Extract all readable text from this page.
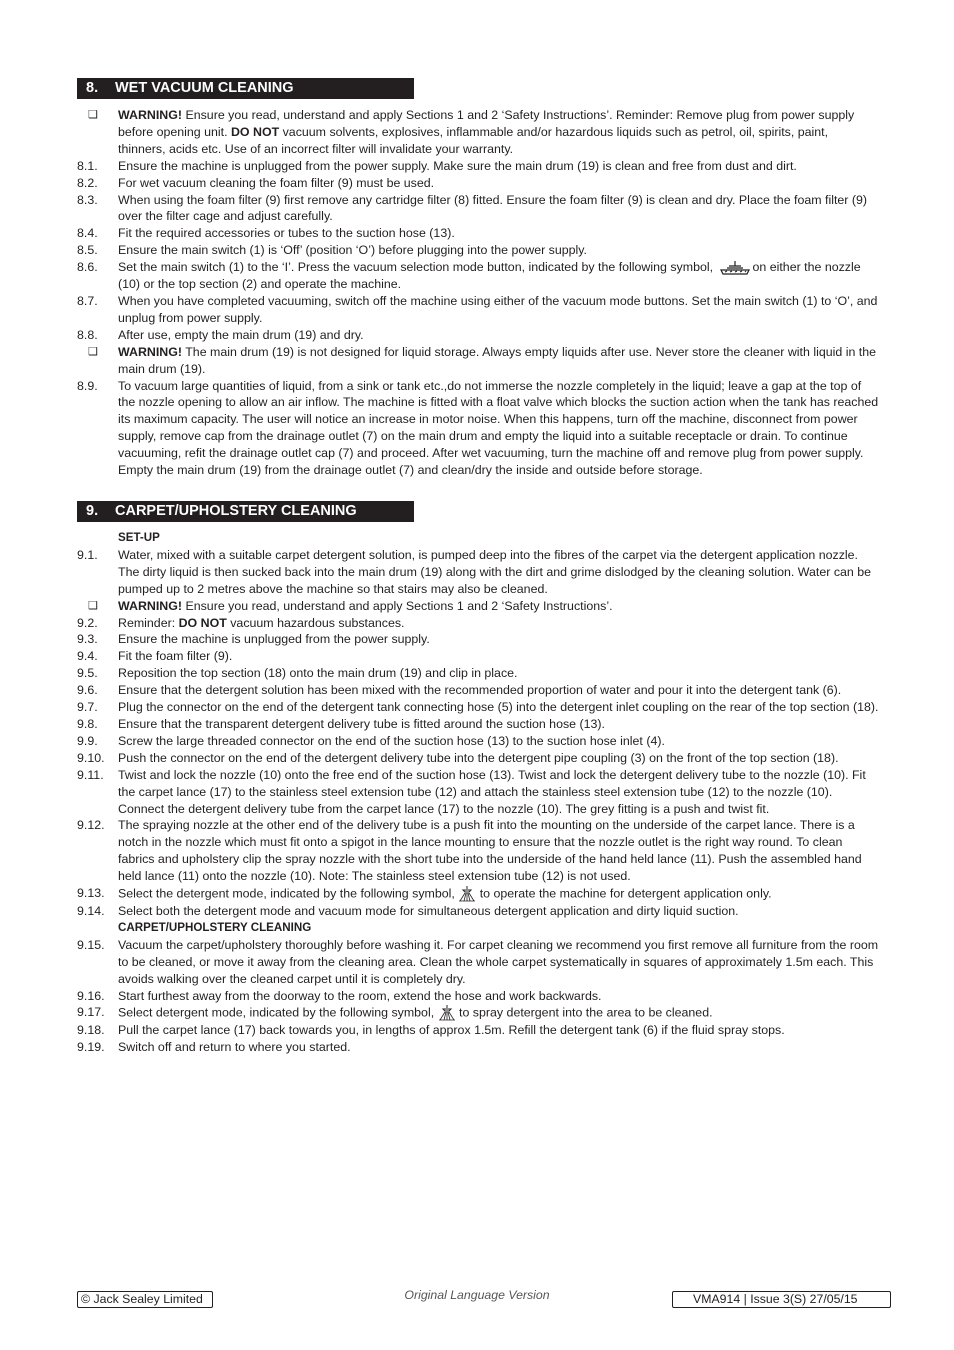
8. WET VACUUM CLEANING
❑	WARNING! Ensure you read, understand and apply Sections 1 and 2 ‘Safety Instructions’. Reminder: Remove plug from power supply before opening unit. DO NOT vacuum solvents, explosives, inflammable and/or hazardous liquids such as petrol, oil, spirits, paint, thinners, acids etc. Use of an incorrect filter will invalidate your warranty.
8.1.	Ensure the machine is unplugged from the power supply. Make sure the main drum (19) is clean and free from dust and dirt.
8.2.	For wet vacuum cleaning the foam filter (9) must be used.
8.3.	When using the foam filter (9) first remove any cartridge filter (8) fitted. Ensure the foam filter (9) is clean and dry. Place the foam filter (9) over the filter cage and adjust carefully.
8.4.	Fit the required accessories or tubes to the suction hose (13).
8.5.	Ensure the main switch (1) is ‘Off’ (position ‘O’) before plugging into the power supply.
8.6.	Set the main switch (1) to the ‘I’. Press the vacuum selection mode button, indicated by the following symbol,	on either the nozzle (10) or the top section (2) and operate the machine.
8.7.	When you have completed vacuuming, switch off the machine using either of the vacuum mode buttons. Set the main switch (1) to ‘O’, and unplug from power supply.
8.8.	After use, empty the main drum (19) and dry.
❑	WARNING! The main drum (19) is not designed for liquid storage. Always empty liquids after use. Never store the cleaner with liquid in the main drum (19).
8.9.	To vacuum large quantities of liquid, from a sink or tank etc.,do not immerse the nozzle completely in the liquid; leave a gap at the top of the nozzle opening to allow an air inflow. The machine is fitted with a float valve which blocks the suction action when the tank has reached its maximum capacity. The user will notice an increase in motor noise. When this happens, turn off the machine, disconnect from power supply, remove cap from the drainage outlet (7) on the main drum and empty the liquid into a suitable receptacle or drain. To continue vacuuming, refit the drainage outlet cap (7) and proceed. After wet vacuuming, turn the machine off and remove plug from power supply. Empty the main drum (19) from the drainage outlet (7) and clean/dry the inside and outside before storage.
9. CARPET/UPHOLSTERY CLEANING
SET-UP
9.1.	Water, mixed with a suitable carpet detergent solution, is pumped deep into the fibres of the carpet via the detergent application nozzle. The dirty liquid is then sucked back into the main drum (19) along with the dirt and grime dislodged by the cleaning solution. Water can be pumped up to 2 metres above the machine so that stairs may also be cleaned.
❑	WARNING! Ensure you read, understand and apply Sections 1 and 2 ‘Safety Instructions’.
9.2.	Reminder: DO NOT vacuum hazardous substances.
9.3.	Ensure the machine is unplugged from the power supply.
9.4.	Fit the foam filter (9).
9.5.	Reposition the top section (18) onto the main drum (19) and clip in place.
9.6.	Ensure that the detergent solution has been mixed with the recommended proportion of water and pour it into the detergent tank (6).
9.7.	Plug the connector on the end of the detergent tank connecting hose (5) into the detergent inlet coupling on the rear of the top section (18).
9.8.	Ensure that the transparent detergent delivery tube is fitted around the suction hose (13).
9.9.	Screw the large threaded connector on the end of the suction hose (13) to the suction hose inlet (4).
9.10.	Push the connector on the end of the detergent delivery tube into the detergent pipe coupling (3) on the front of the top section (18).
9.11.	Twist and lock the nozzle (10) onto the free end of the suction hose (13). Twist and lock the detergent delivery tube to the nozzle (10). Fit the carpet lance (17) to the stainless steel extension tube (12) and attach the stainless steel extension tube (12) to the nozzle (10). Connect the detergent delivery tube from the carpet lance (17) to the nozzle (10). The grey fitting is a push and twist fit.
9.12.	The spraying nozzle at the other end of the delivery tube is a push fit into the mounting on the underside of the carpet lance. There is a notch in the nozzle which must fit onto a spigot in the lance mounting to ensure that the nozzle outlet is the right way round. To clean fabrics and upholstery clip the spray nozzle with the short tube into the underside of the hand held lance (11). Push the assembled hand held lance (11) onto the nozzle (10). Note: The stainless steel extension tube (12) is not used.
9.13.	Select the detergent mode, indicated by the following symbol,  to operate the machine for detergent application only.
9.14.	Select both the detergent mode and vacuum mode for simultaneous detergent application and dirty liquid suction.
CARPET/UPHOLSTERY CLEANING
9.15.	Vacuum the carpet/upholstery thoroughly before washing it. For carpet cleaning we recommend you first remove all furniture from the room to be cleaned, or move it away from the cleaning area. Clean the whole carpet systematically in squares of approximately 1.5m each. This avoids walking over the cleaned carpet until it is completely dry.
9.16.	Start furthest away from the doorway to the room, extend the hose and work backwards.
9.17.	Select detergent mode, indicated by the following symbol,  to spray detergent into the area to be cleaned.
9.18.	Pull the carpet lance (17) back towards you, in lengths of approx 1.5m. Refill the detergent tank (6) if the fluid spray stops.
9.19.	Switch off and return to where you started.
© Jack Sealey Limited	Original Language Version	VMA914 | Issue 3(S) 27/05/15
